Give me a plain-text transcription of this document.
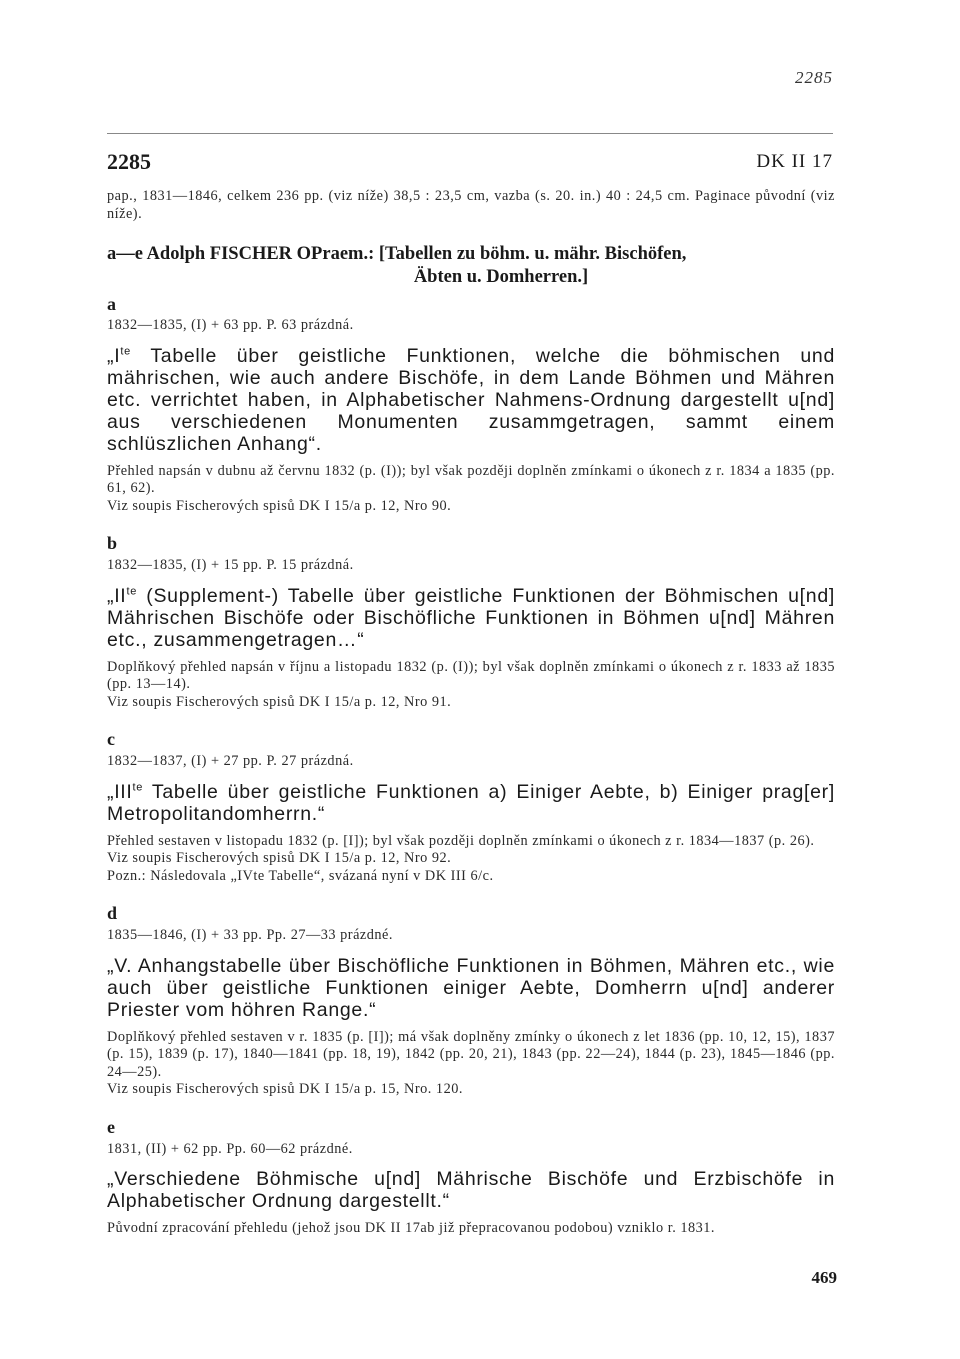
2285
2285	DK II 17

pap., 1831—1846, celkem 236 pp. (viz níže) 38,5 : 23,5 cm, vazba (s. 20. in.) 40 : 24,5 cm. Paginace původní (viz níže).

a—e Adolph FISCHER OPraem.: [Tabellen zu böhm. u. mähr. Bischöfen,
Äbten u. Domherren.]
a

1832—1835, (I) + 63 pp. P. 63 prázdná.

$„I^{te}$ Tabelle über geistliche Funktionen, welche die böhmischen und mährischen, wie auch andere Bischöfe, in dem Lande Böhmen und Mähren etc. verrichtet haben, in Alphabetischer Nahmens-Ordnung dargestellt u[nd] aus verschiedenen Monumenten zusammgetragen, sammt einem schlüszlichen Anhang“.

Přehled napsán v dubnu až červnu 1832 (p. (I)); byl však později doplněn zmínkami o úkonech z r. 1834 a 1835 (pp. 61, 62).

Viz soupis Fischerových spisů DK I 15/a p. 12, Nro 90.

b

1832—1835, (I) + 15 pp. P. 15 prázdná.

$„II^{te}$ (Supplement-) Tabelle über geistliche Funktionen der Böhmischen u[nd] Mährischen Bischöfe oder Bischöfliche Funktionen in Böhmen u[nd] Mähren etc., zusammengetragen…“

Doplňkový přehled napsán v říjnu a listopadu 1832 (p. (I)); byl však doplněn zmínkami o úkonech z r. 1833 až 1835 (pp. 13—14).

Viz soupis Fischerových spisů DK I 15/a p. 12, Nro 91.

c

1832—1837, (I) + 27 pp. P. 27 prázdná.

$„III^{te}$ Tabelle über geistliche Funktionen a) Einiger Aebte, b) Einiger prag[er] Metropolitandomherrn.“

Přehled sestaven v listopadu 1832 (p. [I]); byl však později doplněn zmínkami o úkonech z r. 1834—1837 (p. 26).

Viz soupis Fischerových spisů DK I 15/a p. 12, Nro 92.

Pozn.: Následovala „IVte Tabelle“, svázaná nyní v DK III 6/c.

d

1835—1846, (I) + 33 pp. Pp. 27—33 prázdné.

„V. Anhangstabelle über Bischöfliche Funktionen in Böhmen, Mähren etc., wie auch über geistliche Funktionen einiger Aebte, Domherrn u[nd] anderer Priester vom höhren Range.“

Doplňkový přehled sestaven v r. 1835 (p. [I]); má však doplněny zmínky o úkonech z let 1836 (pp. 10, 12, 15), 1837 (p. 15), 1839 (p. 17), 1840—1841 (pp. 18, 19), 1842 (pp. 20, 21), 1843 (pp. 22—24), 1844 (p. 23), 1845—1846 (pp. 24—25).

Viz soupis Fischerových spisů DK I 15/a p. 15, Nro. 120.

e

1831, (II) + 62 pp. Pp. 60—62 prázdné.

„Verschiedene Böhmische u[nd] Mährische Bischöfe und Erzbischöfe in Alphabetischer Ordnung dargestellt.“

Původní zpracování přehledu (jehož jsou DK II 17ab již přepracovanou podobou) vzniklo r. 1831.

469
